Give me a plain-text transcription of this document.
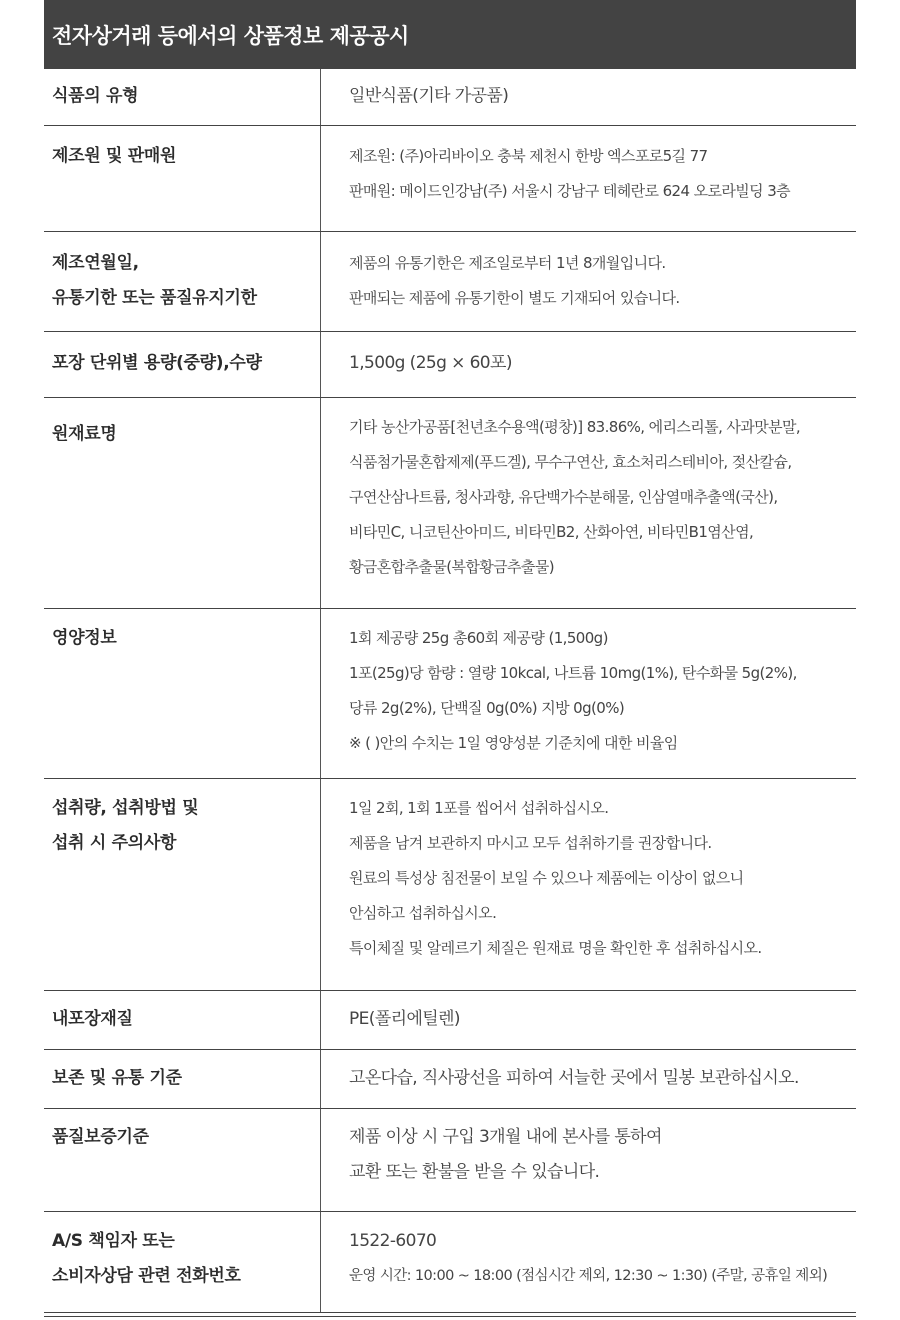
전자상거래 등에서의 상품정보 제공공시
식품의 유형	일반식품(기타 가공품)

제조원 및 판매원	제조원: (주)아리바이오 충북 제천시 한방 엑스포로5길 77
판매원: 메이드인강남(주) 서울시 강남구 테헤란로 624 오로라빌딩 3층

제조연월일,
유통기한 또는 품질유지기한	제품의 유통기한은 제조일로부터 1년 8개월입니다.
판매되는 제품에 유통기한이 별도 기재되어 있습니다.

포장 단위별 용량(중량),수량	1,500g (25g × 60포)

원재료명	기타 농산가공품[천년초수용액(평창)] 83.86%, 에리스리톨, 사과맛분말,
식품첨가물혼합제제(푸드겔), 무수구연산, 효소처리스테비아, 젖산칼슘,
구연산삼나트륨, 청사과향, 유단백가수분해물, 인삼열매추출액(국산),
비타민C, 니코틴산아미드, 비타민B2, 산화아연, 비타민B1염산염,
황금혼합추출물(복합황금추출물)

영양정보	1회 제공량 25g 총60회 제공량 (1,500g)
1포(25g)당 함량 : 열량 10kcal, 나트륨 10mg(1%), 탄수화물 5g(2%),
당류 2g(2%), 단백질 0g(0%) 지방 0g(0%)
※ ( )안의 수치는 1일 영양성분 기준치에 대한 비율임

섭취량, 섭취방법 및
섭취 시 주의사항	1일 2회, 1회 1포를 씹어서 섭취하십시오.
제품을 남겨 보관하지 마시고 모두 섭취하기를 권장합니다.
원료의 특성상 침전물이 보일 수 있으나 제품에는 이상이 없으니
안심하고 섭취하십시오.
특이체질 및 알레르기 체질은 원재료 명을 확인한 후 섭취하십시오.

내포장재질	PE(폴리에틸렌)

보존 및 유통 기준	고온다습, 직사광선을 피하여 서늘한 곳에서 밀봉 보관하십시오.

품질보증기준	제품 이상 시 구입 3개월 내에 본사를 통하여
교환 또는 환불을 받을 수 있습니다.

A/S 책임자 또는
소비자상담 관련 전화번호	1522-6070
운영 시간: 10:00 ~ 18:00 (점심시간 제외, 12:30 ~ 1:30) (주말, 공휴일 제외)
